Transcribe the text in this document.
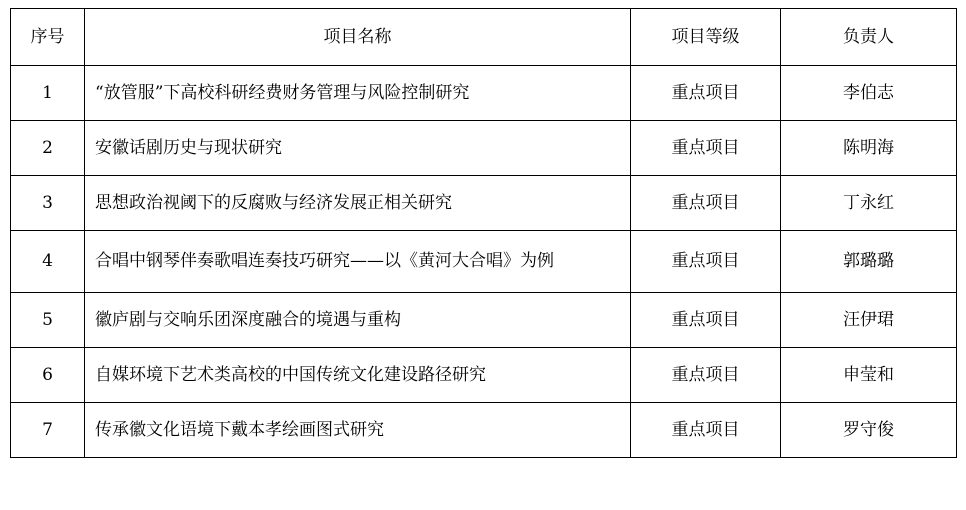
序号	项目名称	项目等级	负责人
1	“放管服”下高校科研经费财务管理与风险控制研究	重点项目	李伯志
2	安徽话剧历史与现状研究	重点项目	陈明海
3	思想政治视阈下的反腐败与经济发展正相关研究	重点项目	丁永红
4	合唱中钢琴伴奏歌唱连奏技巧研究——以《黄河大合唱》为例	重点项目	郭璐璐
5	徽庐剧与交响乐团深度融合的境遇与重构	重点项目	汪伊珺
6	自媒环境下艺术类高校的中国传统文化建设路径研究	重点项目	申莹和
7	传承徽文化语境下戴本孝绘画图式研究	重点项目	罗守俊
